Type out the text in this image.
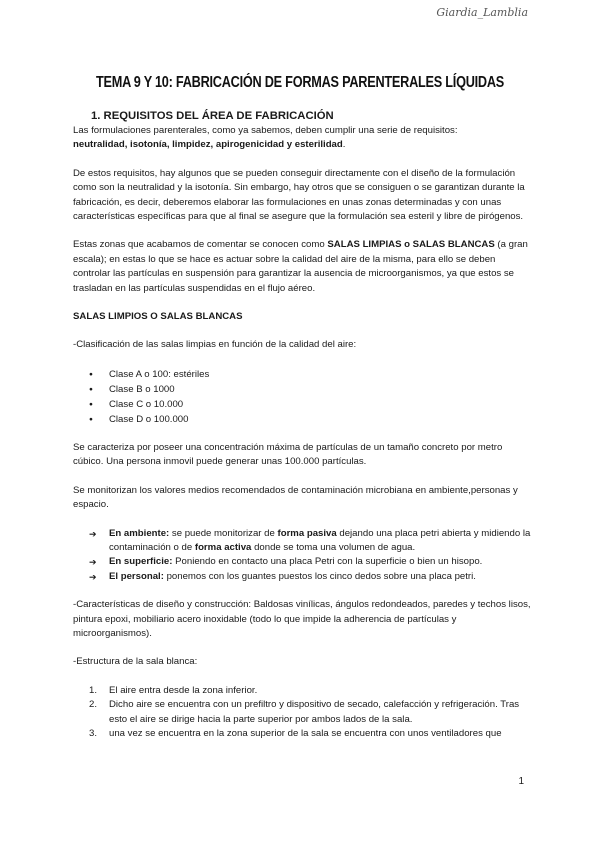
Giardia_Lamblia
TEMA 9 Y 10: FABRICACIÓN DE FORMAS PARENTERALES LÍQUIDAS

1. REQUISITOS DEL ÁREA DE FABRICACIÓN

Las formulaciones parenterales, como ya sabemos, deben cumplir una serie de requisitos:
neutralidad, isotonía, limpidez, apirogenicidad y esterilidad.

De estos requisitos, hay algunos que se pueden conseguir directamente con el diseño de la formulación como son la neutralidad y la isotonía. Sin embargo, hay otros que se consiguen o se garantizan durante la fabricación, es decir, deberemos elaborar las formulaciones en unas zonas determinadas y con unas características específicas para que al final se asegure que la formulación sea esteril y libre de pirógenos.

Estas zonas que acabamos de comentar se conocen como SALAS LIMPIAS o SALAS BLANCAS (a gran escala); en estas lo que se hace es actuar sobre la calidad del aire de la misma, para ello se deben controlar las partículas en suspensión para garantizar la ausencia de microorganismos, ya que estos se trasladan en las partículas suspendidas en el flujo aéreo.

SALAS LIMPIOS O SALAS BLANCAS

-Clasificación de las salas limpias en función de la calidad del aire:

● Clase A o 100: estériles
● Clase B o 1000
● Clase C o 10.000
● Clase D o 100.000

Se caracteriza por poseer una concentración máxima de partículas de un tamaño concreto por metro cúbico. Una persona inmovil puede generar unas 100.000 partículas.

Se monitorizan los valores medios recomendados de contaminación microbiana en ambiente,personas y espacio.

➔ En ambiente: se puede monitorizar de forma pasiva dejando una placa petri abierta y midiendo la contaminación o de forma activa donde se toma una volumen de agua.
➔ En superficie: Poniendo en contacto una placa Petri con la superficie o bien un hisopo.
➔ El personal: ponemos con los guantes puestos los cinco dedos sobre una placa petri.

-Características de diseño y construcción: Baldosas vinílicas, ángulos redondeados, paredes y techos lisos, pintura epoxi, mobiliario acero inoxidable (todo lo que impide la adherencia de partículas y microorganismos).

-Estructura de la sala blanca:

1. El aire entra desde la zona inferior.
2. Dicho aire se encuentra con un prefiltro y dispositivo de secado, calefacción y refrigeración. Tras esto el aire se dirige hacia la parte superior por ambos lados de la sala.
3. una vez se encuentra en la zona superior de la sala se encuentra con unos ventiladores que
1
